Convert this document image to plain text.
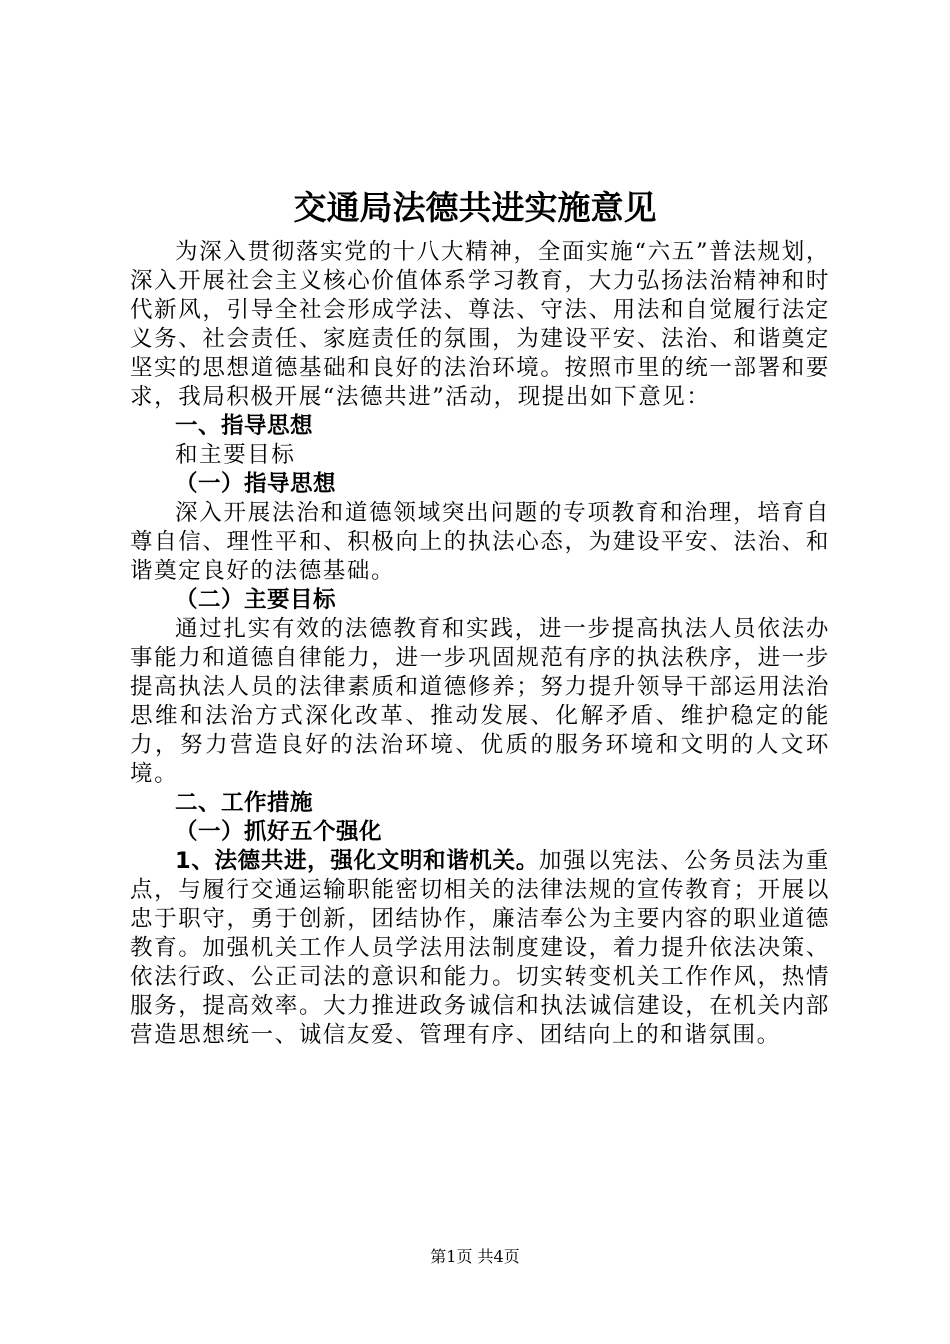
交通局法德共进实施意见

为深入贯彻落实党的十八大精神，全面实施“六五”普法规划，深入开展社会主义核心价值体系学习教育，大力弘扬法治精神和时代新风，引导全社会形成学法、尊法、守法、用法和自觉履行法定义务、社会责任、家庭责任的氛围，为建设平安、法治、和谐奠定坚实的思想道德基础和良好的法治环境。按照市里的统一部署和要求，我局积极开展“法德共进”活动，现提出如下意见：

一、指导思想

和主要目标

（一）指导思想

深入开展法治和道德领域突出问题的专项教育和治理，培育自尊自信、理性平和、积极向上的执法心态，为建设平安、法治、和谐奠定良好的法德基础。

（二）主要目标

通过扎实有效的法德教育和实践，进一步提高执法人员依法办事能力和道德自律能力，进一步巩固规范有序的执法秩序，进一步提高执法人员的法律素质和道德修养；努力提升领导干部运用法治思维和法治方式深化改革、推动发展、化解矛盾、维护稳定的能力，努力营造良好的法治环境、优质的服务环境和文明的人文环境。

二、工作措施

（一）抓好五个强化

1、法德共进，强化文明和谐机关。加强以宪法、公务员法为重点，与履行交通运输职能密切相关的法律法规的宣传教育；开展以忠于职守，勇于创新，团结协作，廉洁奉公为主要内容的职业道德教育。加强机关工作人员学法用法制度建设，着力提升依法决策、依法行政、公正司法的意识和能力。切实转变机关工作作风，热情服务，提高效率。大力推进政务诚信和执法诚信建设，在机关内部营造思想统一、诚信友爱、管理有序、团结向上的和谐氛围。

第1页 共4页
